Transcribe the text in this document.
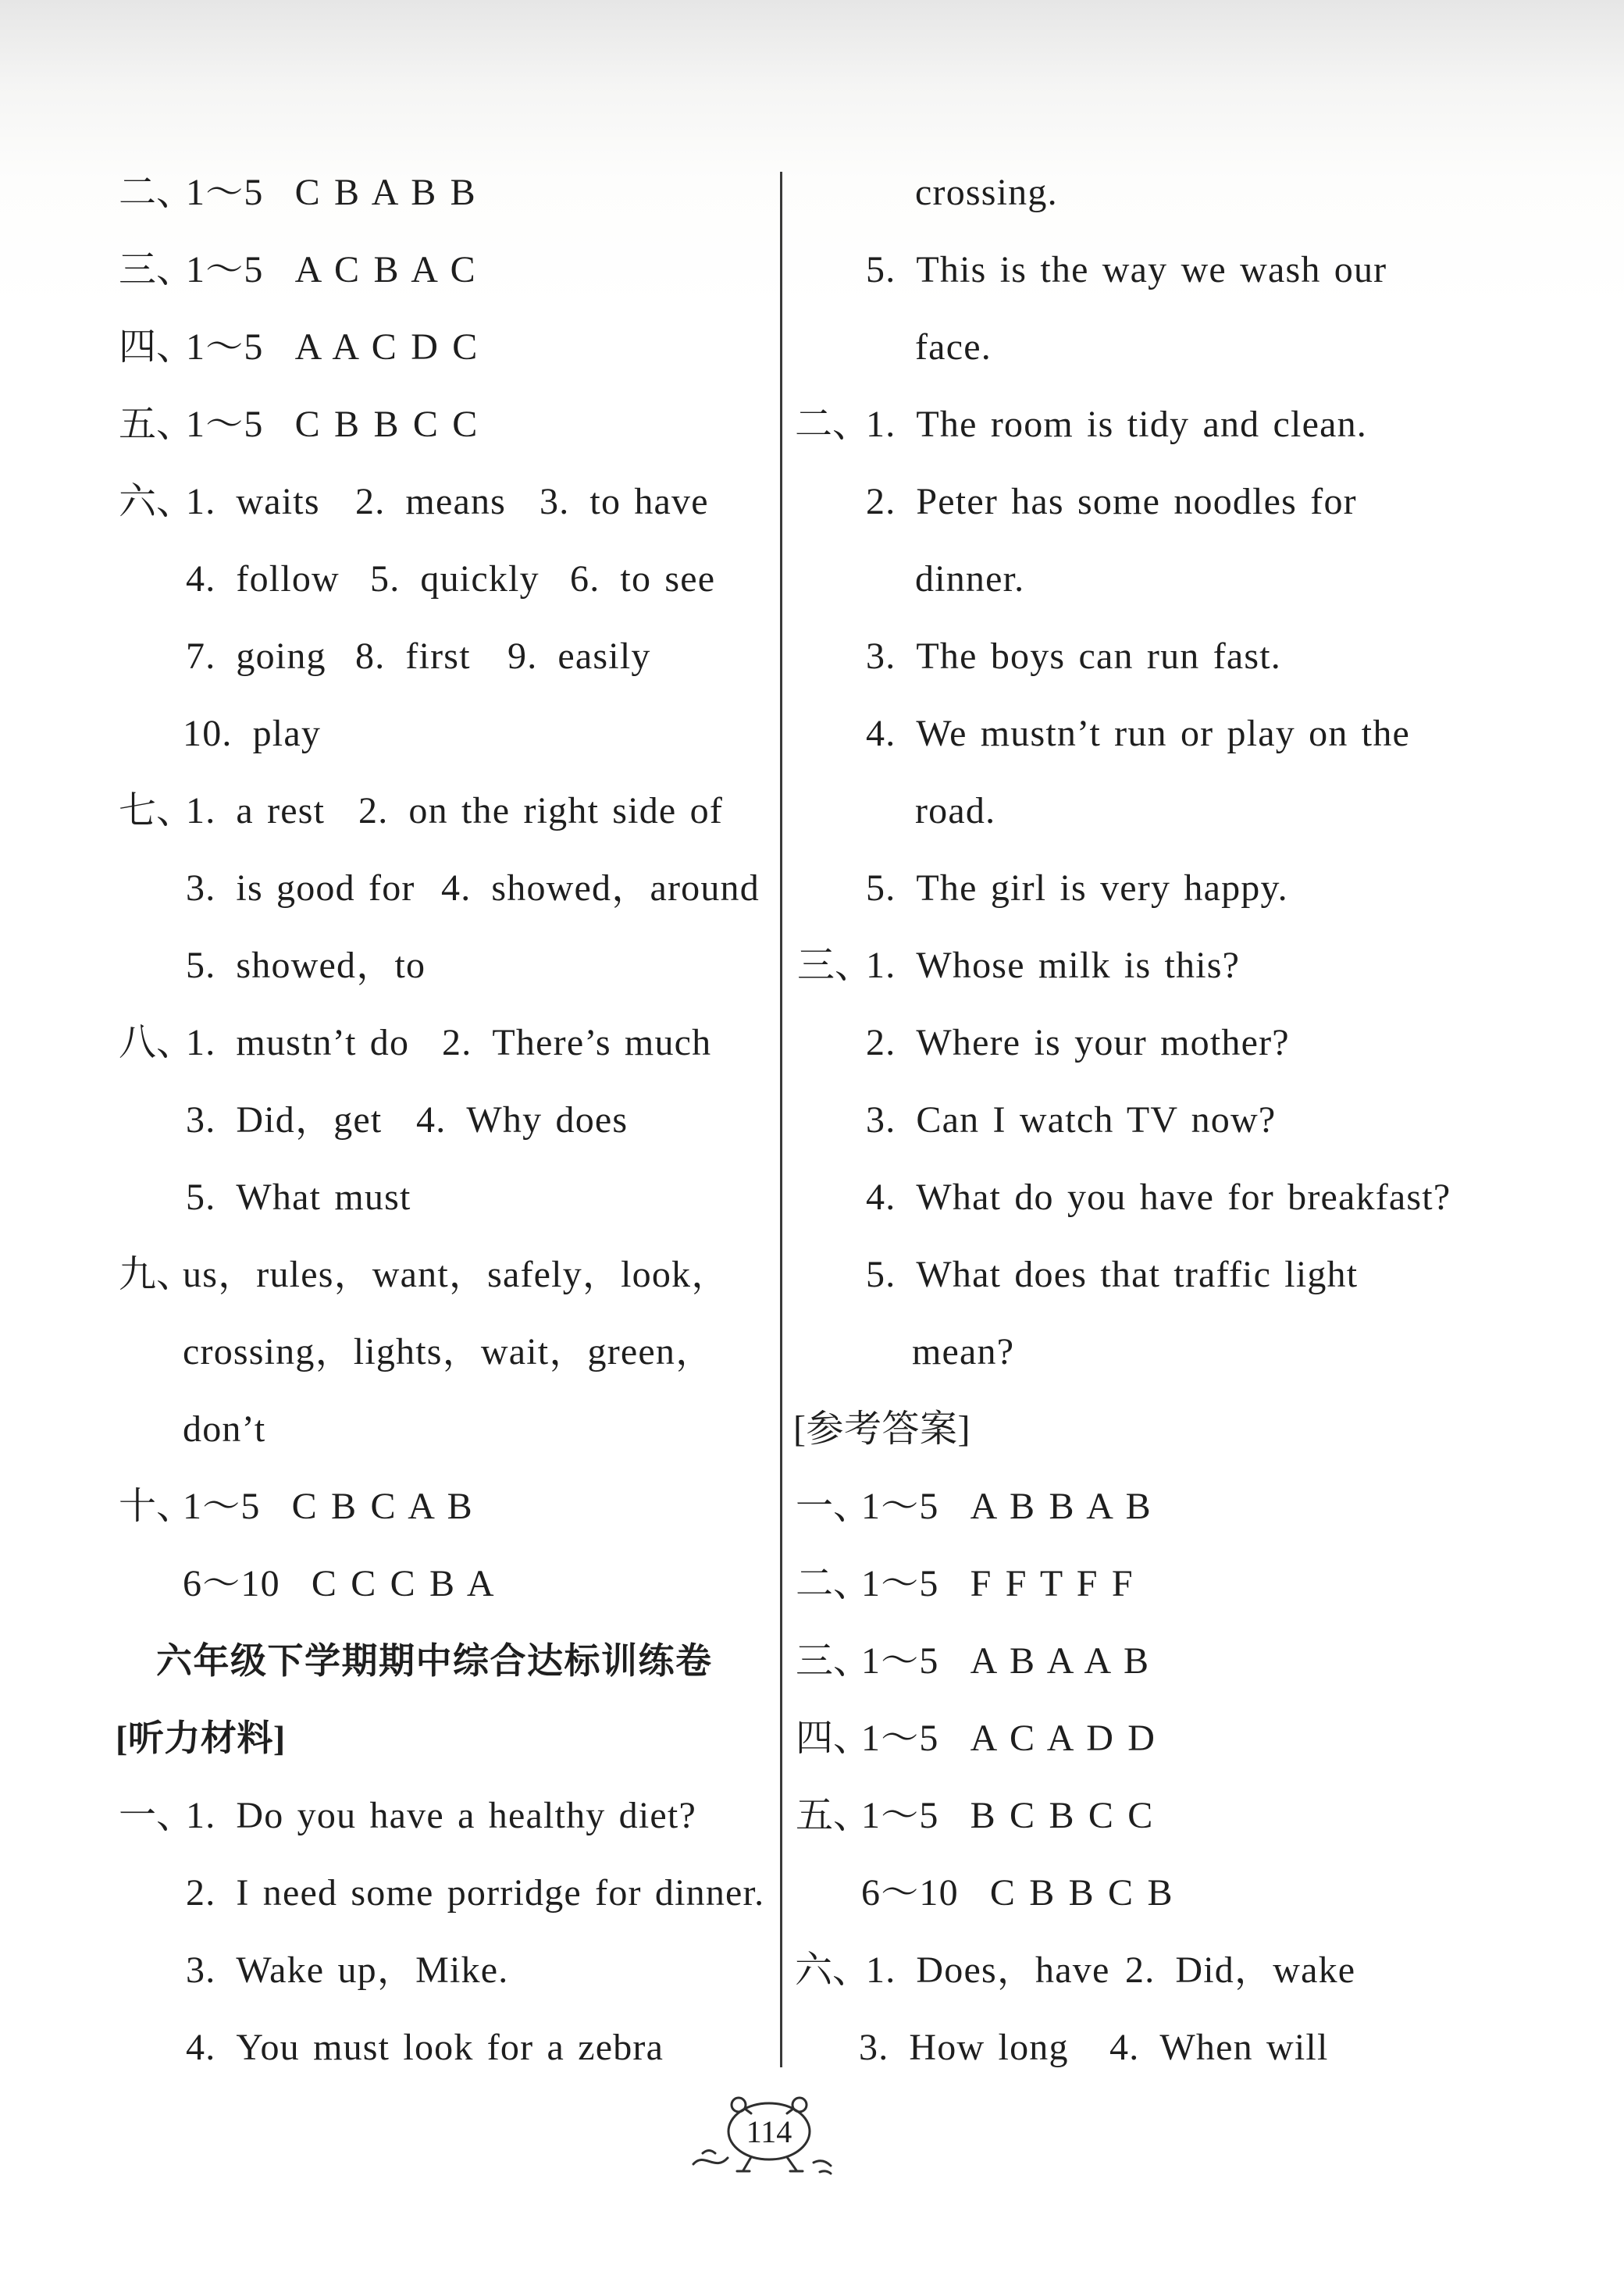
二、
1～5 C B A B B
三、
1～5 A C B A C
四、
1～5 A A C D C
五、
1～5 C B B C C
六、
1. waits 2. means 3. to have
4. follow 5. quickly 6. to see
7. going 8. first 9. easily
10. play
七、
1. a rest 2. on the right side of
3. is good for 4. showed，around
5. showed，to
八、
1. mustn’t do 2. There’s much
3. Did，get 4. Why does
5. What must
九、
us，rules，want，safely，look，
crossing，lights，wait，green，
don’t
十、
1～5 C B C A B
6～10 C C C B A
六年级下学期期中综合达标训练卷
[听力材料]
一、
1. Do you have a healthy diet?
2. I need some porridge for dinner.
3. Wake up，Mike.
4. You must look for a zebra
crossing.
5. This is the way we wash our
face.
二、
1. The room is tidy and clean.
2. Peter has some noodles for
dinner.
3. The boys can run fast.
4. We mustn’t run or play on the
road.
5. The girl is very happy.
三、
1. Whose milk is this?
2. Where is your mother?
3. Can I watch TV now?
4. What do you have for breakfast?
5. What does that traffic light
mean?
[参考答案]
一、
1～5 A B B A B
二、
1～5 F F T F F
三、
1～5 A B A A B
四、
1～5 A C A D D
五、
1～5 B C B C C
6～10 C B B C B
六、
1. Does，have 2. Did，wake
3. How long 4. When will
114
